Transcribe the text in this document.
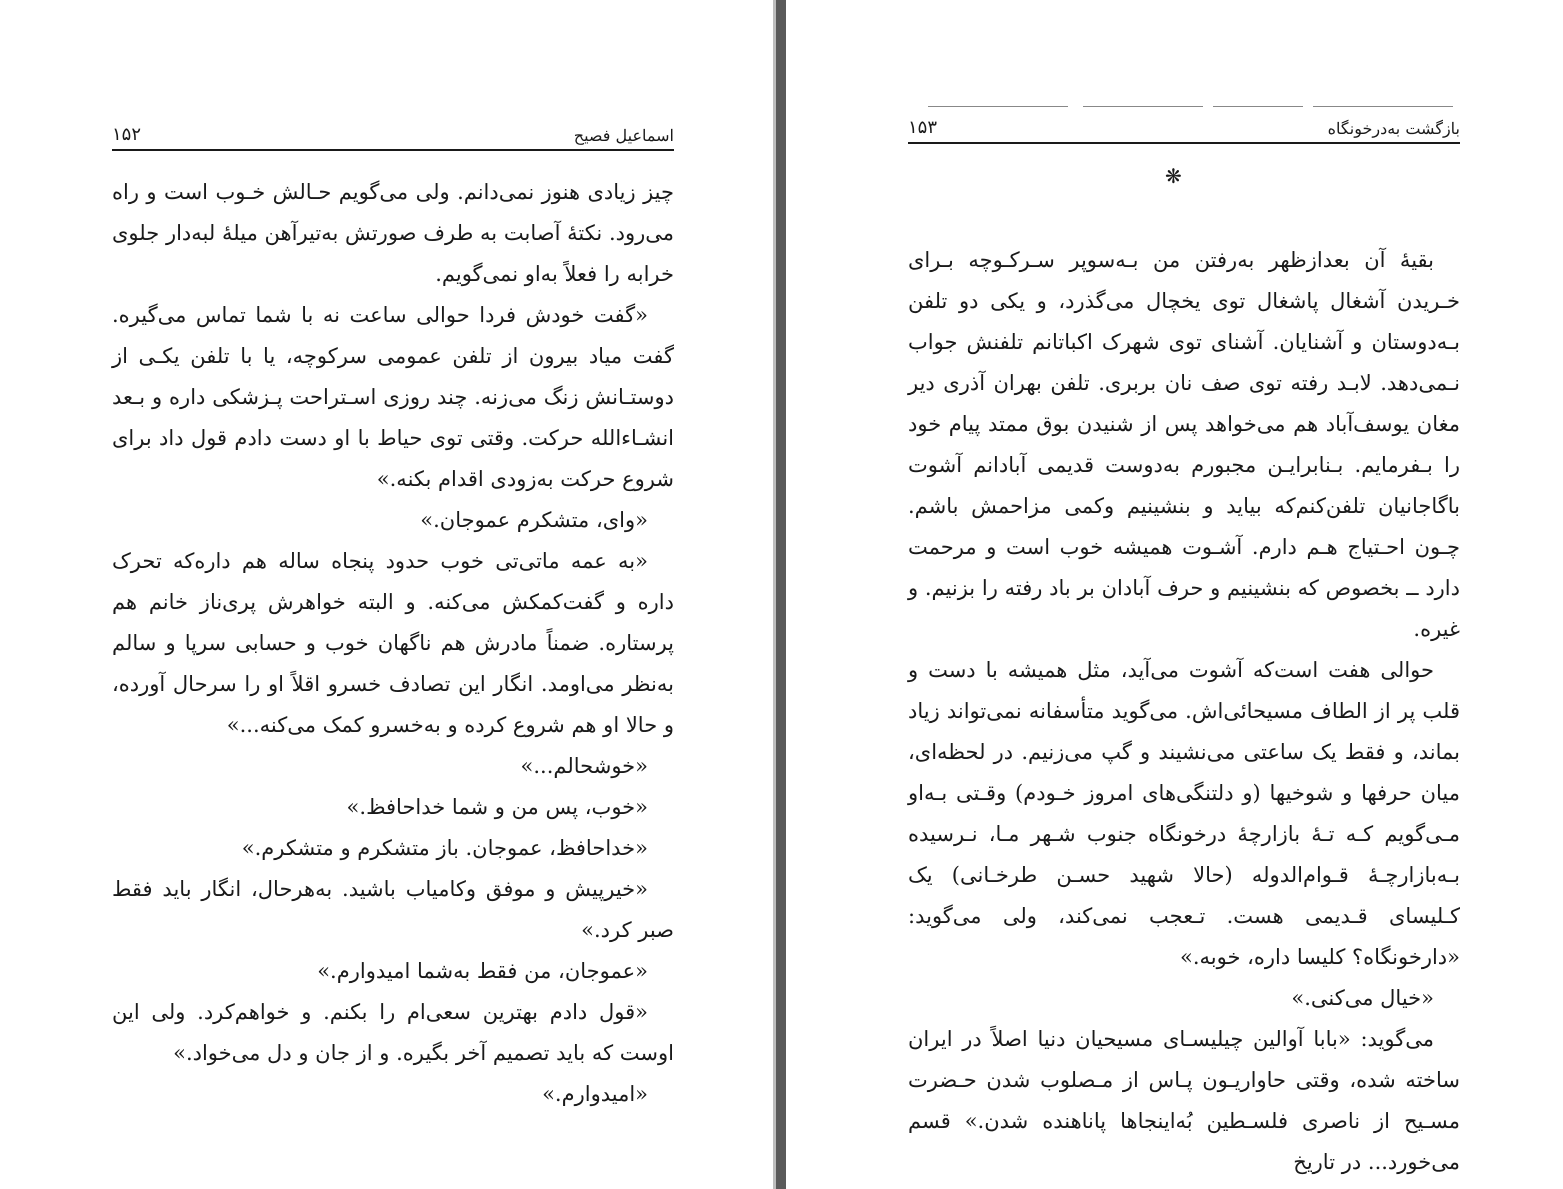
اسماعیل فصیح
۱۵۲

چیز زیادی هنوز نمی‌دانم. ولی می‌گویم حـالش خـوب است و راه می‌رود. نکتهٔ آصابت به طرف صورتش به‌تیرآهن میلهٔ لبه‌دار جلوی خرابه را فعلاً به‌او نمی‌گویم.

«گفت خودش فردا حوالی ساعت نه با شما تماس می‌گیره. گفت میاد بیرون از تلفن عمومی سرکوچه، یا با تلفن یکـی از دوستـانش زنگ می‌زنه. چند روزی اسـتراحت پـزشکی داره و بـعد انشـاءالله حرکت. وقتی توی حیاط با او دست دادم قول داد برای شروع حرکت به‌زودی اقدام بکنه.»

«وای، متشکرم عموجان.»

«به عمه ماتی‌تی خوب حدود پنجاه ساله هم داره‌که تحرک داره و گفت‌کمکش می‌کنه. و البته خواهرش پری‌ناز خانم هم پرستاره. ضمناً مادرش هم ناگهان خوب و حسابی سرپا و سالم به‌نظر می‌اومد. انگار این تصادف خسرو اقلاً او را سرحال آورده، و حالا او هم شروع کرده و به‌خسرو کمک می‌کنه...»

«خوشحالم...»

«خوب، پس من و شما خداحافظ.»

«خداحافظ، عموجان. باز متشکرم و متشکرم.»

«خیرپیش و موفق وکامیاب باشید. به‌هرحال، انگار باید فقط صبر کرد.»

«عموجان، من فقط به‌شما امیدوارم.»

«قول دادم بهترین سعی‌ام را بکنم. و خواهم‌کرد. ولی این اوست که باید تصمیم آخر بگیره. و از جان و دل می‌خواد.»

«امیدوارم.»

بازگشت به‌درخونگاه
۱۵۳
❋

بقیهٔ آن بعدازظهر به‌رفتن من بـه‌سوپر سـرکـوچه بـرای خـریدن آشغال پاشغال توی یخچال می‌گذرد، و یکی دو تلفن بـه‌دوستان و آشنایان. آشنای توی شهرک اکباتانم تلفنش جواب نـمی‌دهد. لابـد رفته توی صف نان بربری. تلفن بهران آذری دیر مغان یوسف‌آباد هم می‌خواهد پس از شنیدن بوق ممتد پیام خود را بـفرمایم. بـنابرایـن مجبورم به‌دوست قدیمی آبادانم آشوت باگاجانیان تلفن‌کنم‌که بیاید و بنشینیم وکمی مزاحمش باشم. چـون احـتیاج هـم دارم. آشـوت همیشه خوب است و مرحمت دارد ــ بخصوص که بنشینیم و حرف آبادان بر باد رفته را بزنیم. و غیره.

حوالی هفت است‌که آشوت می‌آید، مثل همیشه با دست و قلب پر از الطاف مسیحائی‌اش. می‌گوید متأسفانه نمی‌تواند زیاد بماند، و فقط یک ساعتی می‌نشیند و گپ می‌زنیم. در لحظه‌ای، میان حرفها و شوخیها (و دلتنگی‌های امروز خـودم) وقـتی بـه‌او مـی‌گویم کـه تـهٔ بازارچهٔ درخونگاه جنوب شـهر مـا، نـرسیده بـه‌بازارچـهٔ قـوام‌الدوله (حالا شهید حسـن طرخـانی) یک کـلیسای قـدیمی هست. تـعجب نمی‌کند، ولی می‌گوید: «دارخونگاه؟ کلیسا داره، خوبه.»

«خیال می‌کنی.»

می‌گوید: «بابا آوالین چیلیسـای مسیحیان دنیا اصلاً در ایران ساخته شده، وقتی حاواریـون پـاس از مـصلوب شدن حـضرت مسـیح از ناصری فلسـطین بُه‌اینجاها پاناهنده شدن.» قسم می‌خورد... در تاریخ
